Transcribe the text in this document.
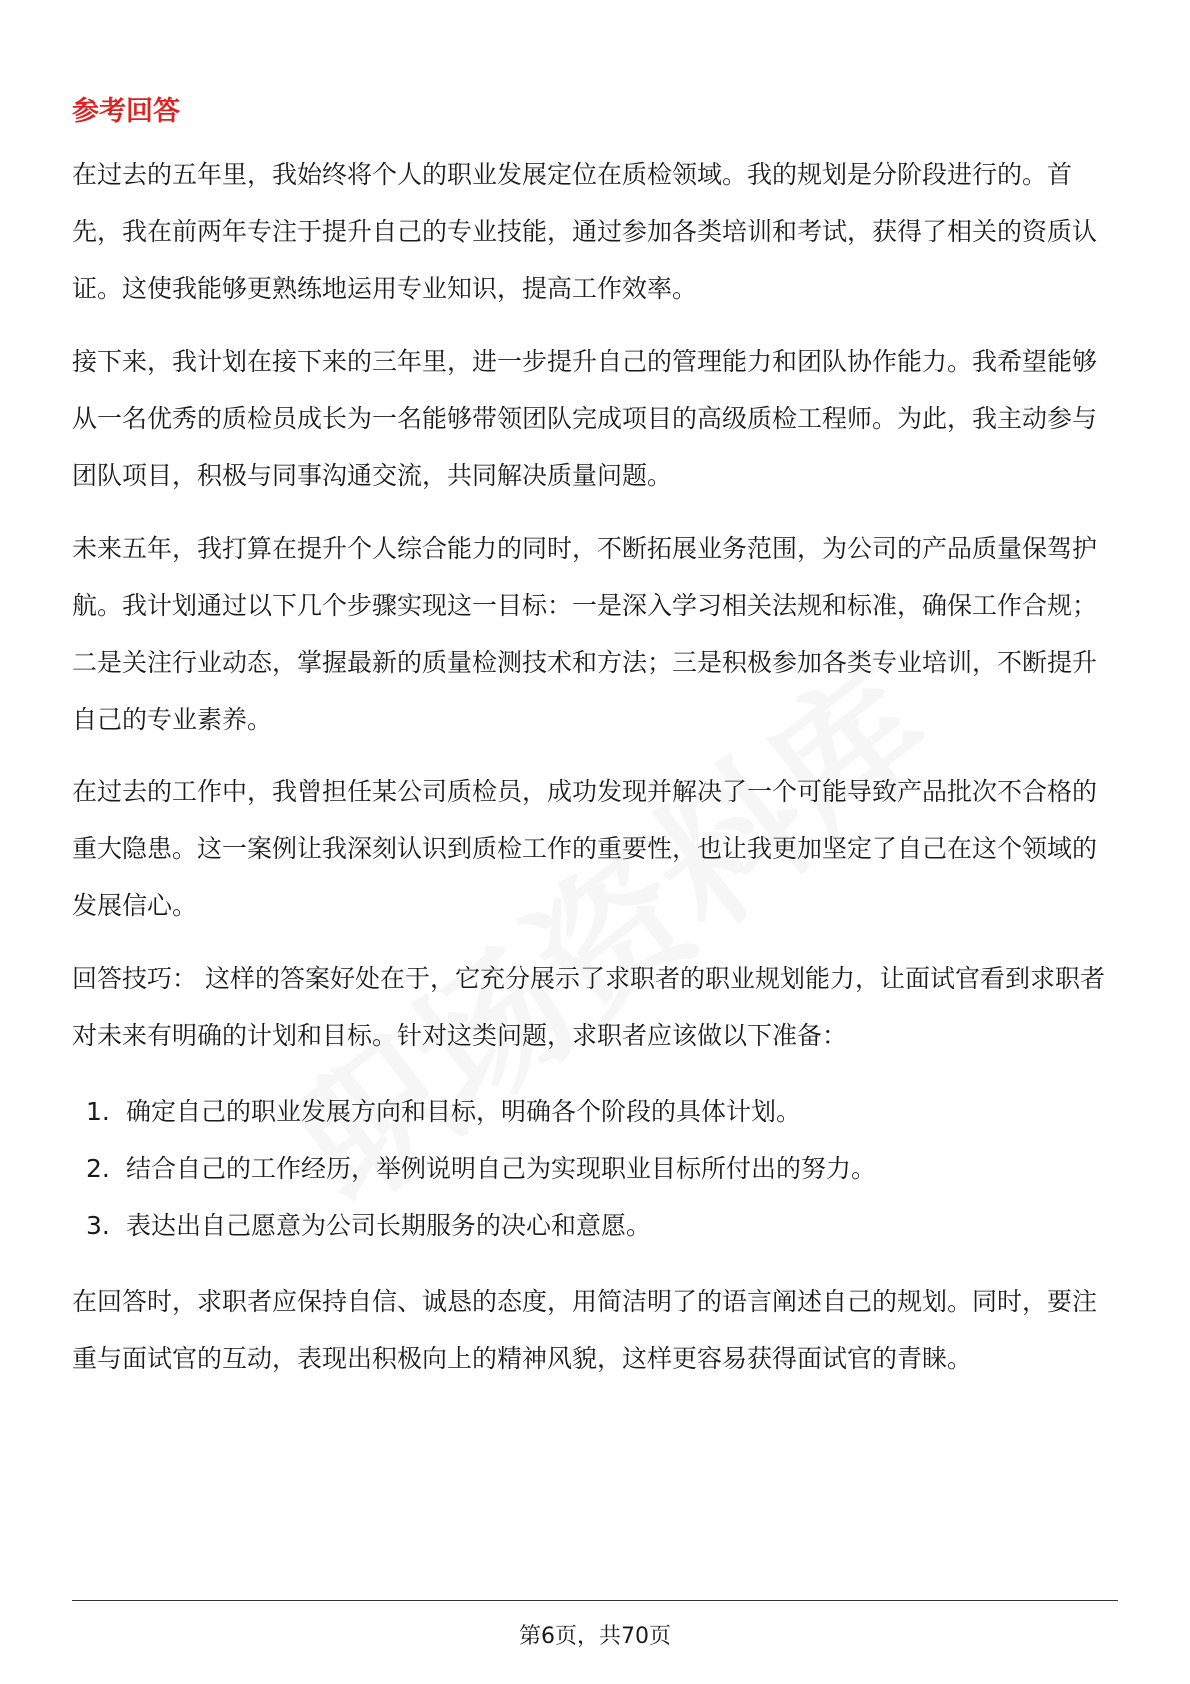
参考回答

在过去的五年里，我始终将个人的职业发展定位在质检领域。我的规划是分阶段进行的。首先，我在前两年专注于提升自己的专业技能，通过参加各类培训和考试，获得了相关的资质认证。这使我能够更熟练地运用专业知识，提高工作效率。

接下来，我计划在接下来的三年里，进一步提升自己的管理能力和团队协作能力。我希望能够从一名优秀的质检员成长为一名能够带领团队完成项目的高级质检工程师。为此，我主动参与团队项目，积极与同事沟通交流，共同解决质量问题。

未来五年，我打算在提升个人综合能力的同时，不断拓展业务范围，为公司的产品质量保驾护航。我计划通过以下几个步骤实现这一目标：一是深入学习相关法规和标准，确保工作合规；二是关注行业动态，掌握最新的质量检测技术和方法；三是积极参加各类专业培训，不断提升自己的专业素养。

在过去的工作中，我曾担任某公司质检员，成功发现并解决了一个可能导致产品批次不合格的重大隐患。这一案例让我深刻认识到质检工作的重要性，也让我更加坚定了自己在这个领域的发展信心。

回答技巧： 这样的答案好处在于，它充分展示了求职者的职业规划能力，让面试官看到求职者对未来有明确的计划和目标。针对这类问题，求职者应该做以下准备：

1. 确定自己的职业发展方向和目标，明确各个阶段的具体计划。
2. 结合自己的工作经历，举例说明自己为实现职业目标所付出的努力。
3. 表达出自己愿意为公司长期服务的决心和意愿。

在回答时，求职者应保持自信、诚恳的态度，用简洁明了的语言阐述自己的规划。同时，要注重与面试官的互动，表现出积极向上的精神风貌，这样更容易获得面试官的青睐。

第6页，共70页
